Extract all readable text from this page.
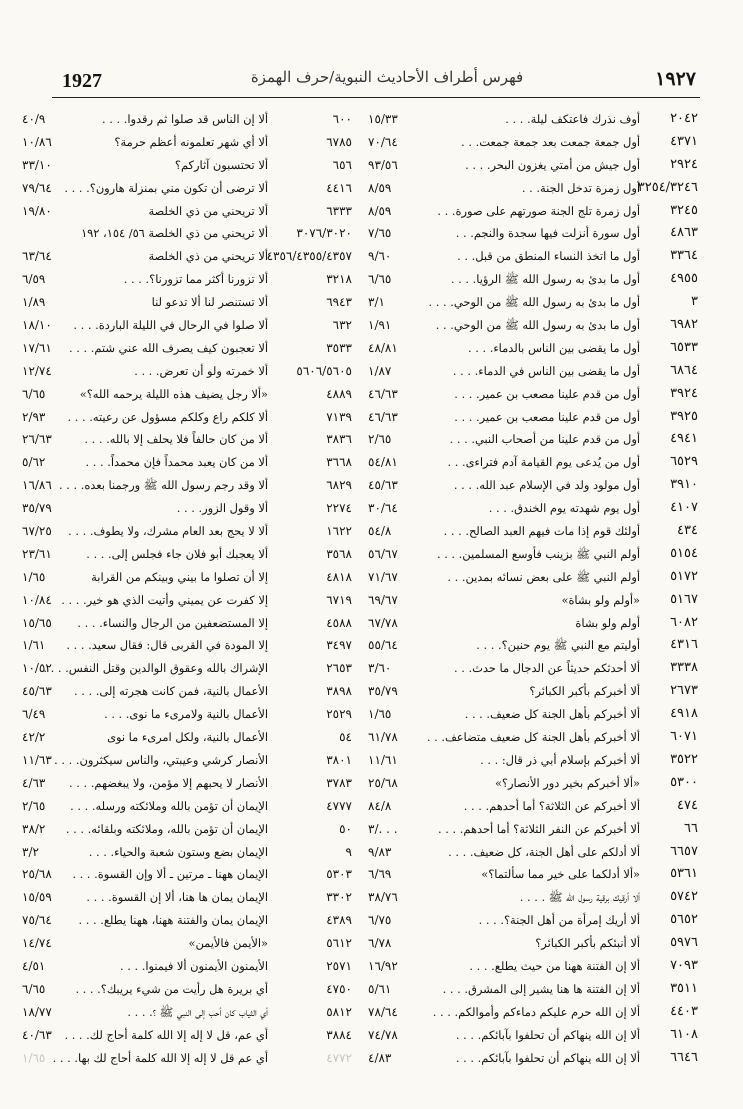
1927	فهرس أطراف الأحاديث النبوية/حرف الهمزة	١٩٢٧
٢٠٤٢
أوف نذرك فاعتكف ليلة. . . .
١٥/٣٣
٤٣٧١
أول جمعة جمعت بعد جمعة جمعت. . .
٧٠/٦٤
٢٩٢٤
أول جيش من أمتي يغزون البحر. . . .
٩٣/٥٦
٣٢٥٤/٣٢٤٦
أول زمرة تدخل الجنة. . .
٨/٥٩
٣٢٤٥
أول زمرة تلج الجنة صورتهم على صورة. . .
٨/٥٩
٤٨٦٣
أول سورة أنزلت فيها سجدة والنجم. . .
٧/٦٥
٣٣٦٤
أول ما اتخذ النساء المنطق من قبل. . .
٩/٦٠
٤٩٥٥
أول ما بدئ به رسول الله ﷺ الرؤيا. . . .
٦/٦٥
٣
أول ما بدئ به رسول الله ﷺ من الوحي. . . .
٣/١
٦٩٨٢
أول ما بدئ به رسول الله ﷺ من الوحي. . .
١/٩١
٦٥٣٣
أول ما يقضى بين الناس بالدماء. . . .
٤٨/٨١
٦٨٦٤
أول ما يقضى بين الناس في الدماء. . . .
١/٨٧
٣٩٢٤
أول من قدم علينا مصعب بن عمير. . . .
٤٦/٦٣
٣٩٢٥
أول من قدم علينا مصعب بن عمير. . . .
٤٦/٦٣
٤٩٤١
أول من قدم علينا من أصحاب النبي. . . .
٢/٦٥
٦٥٢٩
أول من يُدعى يوم القيامة آدم فتراءى. . .
٥٤/٨١
٣٩١٠
أول مولود ولد في الإسلام عبد الله. . . .
٤٥/٦٣
٤١٠٧
أول يوم شهدته يوم الخندق. . . .
٣٠/٦٤
٤٣٤
أولئك قوم إذا مات فيهم العبد الصالح. . . .
٥٤/٨
٥١٥٤
أولم النبي ﷺ بزينب فأوسع المسلمين. . . .
٥٦/٦٧
٥١٧٢
أولم النبي ﷺ على بعض نسائه بمدين. . .
٧١/٦٧
٥١٦٧
«أولم ولو بشاة»
٦٩/٦٧
٦٠٨٢
أولم ولو بشاة
٦٧/٧٨
٤٣١٦
أوليتم مع النبي ﷺ يوم حنين؟. . . .
٥٥/٦٤
٣٣٣٨
ألا أحدثكم حديثاً عن الدجال ما حدث. . .
٣/٦٠
٢٦٧٣
ألا أخبركم بأكبر الكبائر؟
٣٥/٧٩
٤٩١٨
ألا أخبركم بأهل الجنة كل ضعيف. . . .
١/٦٥
٦٠٧١
ألا أخبركم بأهل الجنة كل ضعيف متضاعف. . .
٦١/٧٨
٣٥٢٢
ألا أخبركم بإسلام أبي ذر قال: . . .
١١/٦١
٥٣٠٠
«ألا أخبركم بخير دور الأنصار؟»
٢٥/٦٨
٤٧٤
ألا أخبركم عن الثلاثة؟ أما أحدهم. . . .
٨٤/٨
٦٦
ألا أخبركم عن النفر الثلاثة؟ أما أحدهم. . . .
٣/. . .
٦٦٥٧
ألا أدلكم على أهل الجنة، كل ضعيف. . . .
٩/٨٣
٥٣٦١
«ألا أدلكما على خير مما سألتما؟»
٦/٦٩
٥٧٤٢
ألا أرقيك برقية رسول الله ﷺ . . . .
٣٨/٧٦
٥٦٥٢
ألا أريك إمرأة من أهل الجنة؟. . . .
٦/٧٥
٥٩٧٦
ألا أنبئكم بأكبر الكبائر؟
٦/٧٨
٧٠٩٣
ألا إن الفتنة ههنا من حيث يطلع. . . .
١٦/٩٢
٣٥١١
ألا إن الفتنة ها هنا يشير إلى المشرق. . . .
٥/٦١
٤٤٠٣
ألا إن الله حرم عليكم دماءكم وأموالكم. . . .
٧٨/٦٤
٦١٠٨
ألا إن الله ينهاكم أن تحلفوا بآبائكم. . . .
٧٤/٧٨
٦٦٤٦
ألا إن الله ينهاكم أن تحلفوا بآبائكم. . . .
٤/٨٣
٦٠٠
ألا إن الناس قد صلوا ثم رقدوا. . . .
٤٠/٩
٦٧٨٥
ألا أي شهر تعلمونه أعظم حرمة؟
١٠/٨٦
٦٥٦
ألا تحتسبون آثاركم؟
٣٣/١٠
٤٤١٦
ألا ترضى أن تكون مني بمنزلة هارون؟. . . .
٧٩/٦٤
٦٣٣٣
ألا تريحني من ذي الخلصة
١٩/٨٠
٣٠٧٦/٣٠٢٠
ألا تريحني من ذي الخلصة ٥٦/ ١٥٤، ١٩٢
٤٣٥٦/٤٣٥٥/٤٣٥٧
ألا تريحني من ذي الخلصة
٦٣/٦٤
٣٢١٨
ألا تزورنا أكثر مما تزورنا؟. . . .
٦/٥٩
٦٩٤٣
ألا تستنصر لنا ألا تدعو لنا
١/٨٩
٦٣٢
ألا صلوا في الرحال في الليلة الباردة. . . .
١٨/١٠
٣٥٣٣
ألا تعجبون كيف يصرف الله عني شتم. . . .
١٧/٦١
٥٦٠٦/٥٦٠٥
ألا خمرته ولو أن تعرض. . . .
١٢/٧٤
٤٨٨٩
«ألا رجل يضيف هذه الليلة يرحمه الله؟»
٦/٦٥
٧١٣٩
ألا كلكم راع وكلكم مسؤول عن رعيته. . . .
٢/٩٣
٣٨٣٦
ألا من كان حالفاً فلا يحلف إلا بالله. . . .
٢٦/٦٣
٣٦٦٨
ألا من كان يعبد محمداً فإن محمداً. . . .
٥/٦٢
٦٨٢٩
ألا وقد رجم رسول الله ﷺ ورجمنا بعده. . . .
١٦/٨٦
٢٢٧٤
ألا وقول الزور. . . .
٣٥/٧٩
١٦٢٢
ألا لا يحج بعد العام مشرك، ولا يطوف. . . .
٦٧/٢٥
٣٥٦٨
ألا يعجبك أبو فلان جاء فجلس إلى. . . .
٢٣/٦١
٤٨١٨
إلا أن تصلوا ما بيني وبينكم من القرابة
١/٦٥
٦٧١٩
إلا كفرت عن يميني وأتيت الذي هو خير. . . .
١٠/٨٤
٤٥٨٨
إلا المستضعفين من الرجال والنساء. . . .
١٥/٦٥
٣٤٩٧
إلا المودة في القربى قال: فقال سعيد. . . .
١/٦١
٢٦٥٣
الإشراك بالله وعقوق الوالدين وقتل النفس. . . .
١٠/٥٢
٣٨٩٨
الأعمال بالنية، فمن كانت هجرته إلى. . . .
٤٥/٦٣
٢٥٢٩
الأعمال بالنية ولامرىء ما نوى. . . .
٦/٤٩
٥٤
الأعمال بالنية، ولكل امرىء ما نوى
٤٢/٢
٣٨٠١
الأنصار كرشي وعيبتي، والناس سيكثرون. . . .
١١/٦٣
٣٧٨٣
الأنصار لا يحبهم إلا مؤمن، ولا يبغضهم. . . .
٤/٦٣
٤٧٧٧
الإيمان أن تؤمن بالله وملائكته ورسله. . . .
٢/٦٥
٥٠
الإيمان أن تؤمن بالله، وملائكته وبلقائه. . . .
٣٨/٢
٩
الإيمان بضع وستون شعبة والحياء. . . .
٣/٢
٥٣٠٣
الإيمان ههنا ـ مرتين ـ ألا وإن القسوة. . . .
٢٥/٦٨
٣٣٠٢
الإيمان يمان ها هنا، ألا إن القسوة. . . .
١٥/٥٩
٤٣٨٩
الإيمان يمان والفتنة ههنا، ههنا يطلع. . . .
٧٥/٦٤
٥٦١٢
«الأيمن فالأيمن»
١٤/٧٤
٢٥٧١
الأيمنون الأيمنون ألا فيمنوا. . . .
٤/٥١
٤٧٥٠
أي بريرة هل رأيت من شيء يريبك؟. . . .
٦/٦٥
٥٨١٢
أي الثياب كان أحب إلى النبي ﷺ ؟. . . .
١٨/٧٧
٣٨٨٤
أي عم، قل لا إله إلا الله كلمة أحاج لك. . . .
٤٠/٦٣
٤٧٧٢
أي عم قل لا إله إلا الله كلمة أحاج لك بها. . . .
١/٦٥
